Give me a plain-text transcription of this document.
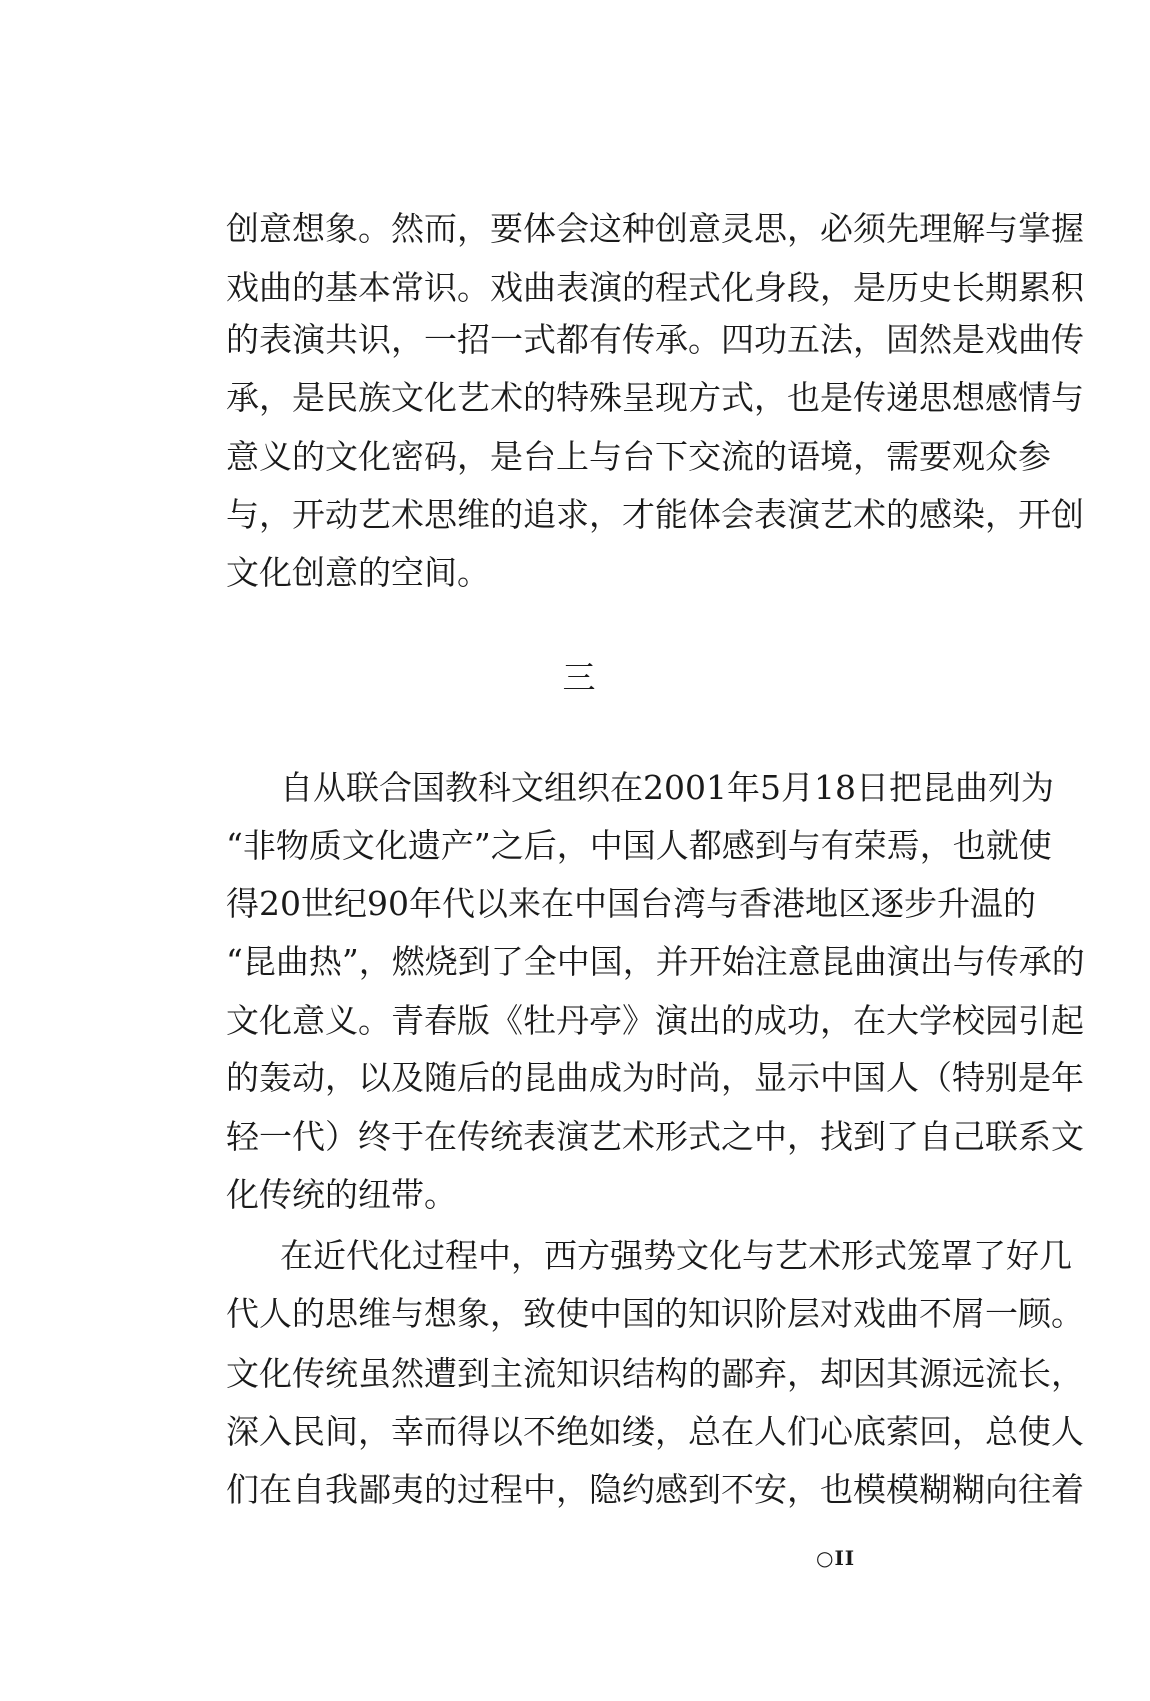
创意想象。然而，要体会这种创意灵思，必须先理解与掌握
戏曲的基本常识。戏曲表演的程式化身段，是历史长期累积
的表演共识，一招一式都有传承。四功五法，固然是戏曲传
承，是民族文化艺术的特殊呈现方式，也是传递思想感情与
意义的文化密码，是台上与台下交流的语境，需要观众参
与，开动艺术思维的追求，才能体会表演艺术的感染，开创
文化创意的空间。
三
自从联合国教科文组织在2001年5月18日把昆曲列为
“非物质文化遗产”之后，中国人都感到与有荣焉，也就使
得20世纪90年代以来在中国台湾与香港地区逐步升温的
“昆曲热”，燃烧到了全中国，并开始注意昆曲演出与传承的
文化意义。青春版《牡丹亭》演出的成功，在大学校园引起
的轰动，以及随后的昆曲成为时尚，显示中国人（特别是年
轻一代）终于在传统表演艺术形式之中，找到了自己联系文
化传统的纽带。
在近代化过程中，西方强势文化与艺术形式笼罩了好几
代人的思维与想象，致使中国的知识阶层对戏曲不屑一顾。
文化传统虽然遭到主流知识结构的鄙弃，却因其源远流长，
深入民间，幸而得以不绝如缕，总在人们心底萦回，总使人
们在自我鄙夷的过程中，隐约感到不安，也模模糊糊向往着
○II
